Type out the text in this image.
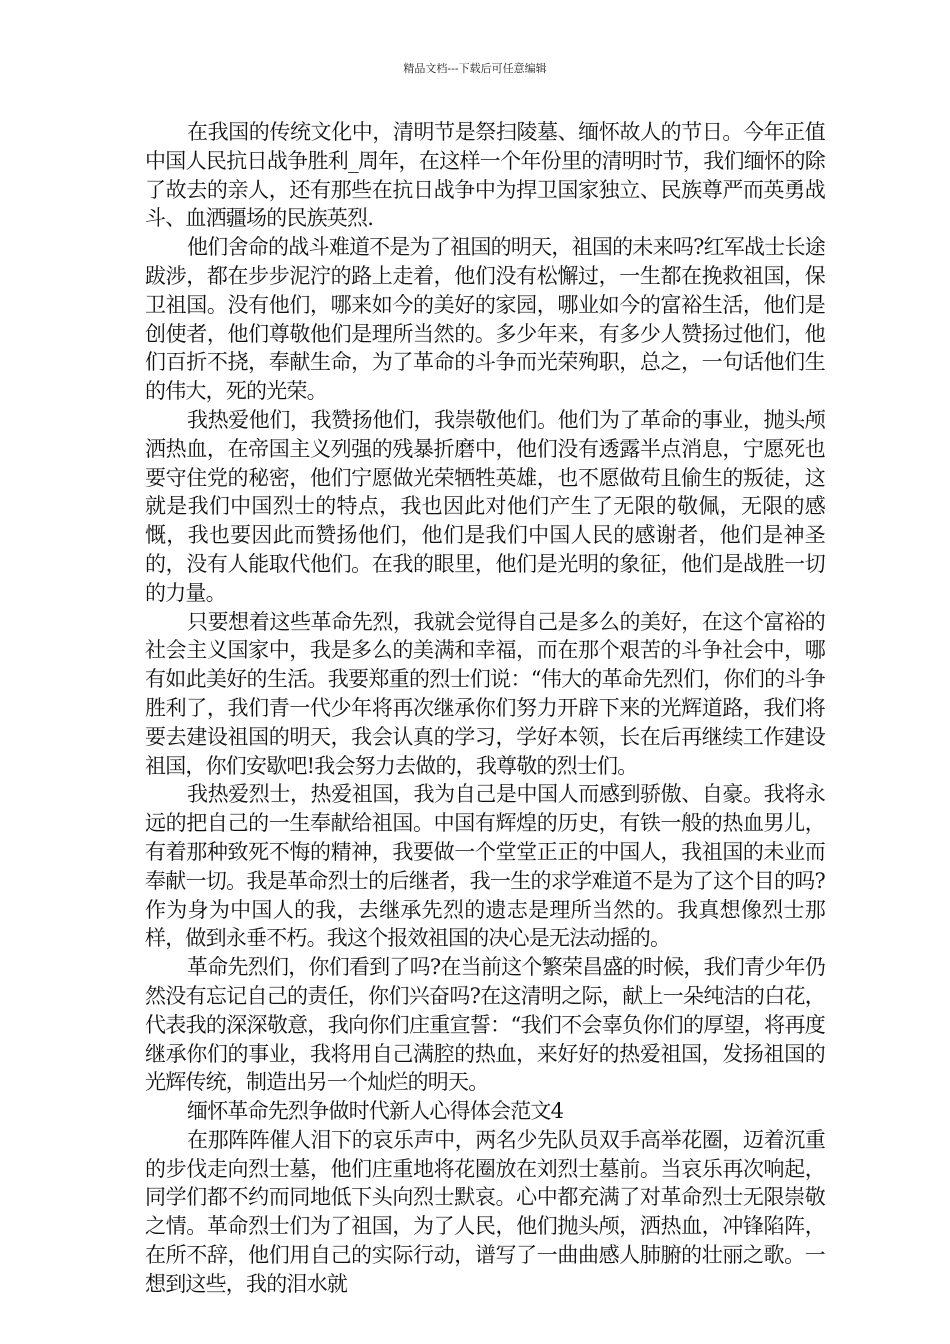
精品文档---下载后可任意编辑

在我国的传统文化中，清明节是祭扫陵墓、缅怀故人的节日。今年正值中国人民抗日战争胜利_周年，在这样一个年份里的清明时节，我们缅怀的除了故去的亲人，还有那些在抗日战争中为捍卫国家独立、民族尊严而英勇战斗、血洒疆场的民族英烈.

他们舍命的战斗难道不是为了祖国的明天，祖国的未来吗?红军战士长途跋涉，都在步步泥泞的路上走着，他们没有松懈过，一生都在挽救祖国，保卫祖国。没有他们，哪来如今的美好的家园，哪业如今的富裕生活，他们是创使者，他们尊敬他们是理所当然的。多少年来，有多少人赞扬过他们，他们百折不挠，奉献生命，为了革命的斗争而光荣殉职，总之，一句话他们生的伟大，死的光荣。

我热爱他们，我赞扬他们，我崇敬他们。他们为了革命的事业，抛头颅洒热血，在帝国主义列强的残暴折磨中，他们没有透露半点消息，宁愿死也要守住党的秘密，他们宁愿做光荣牺牲英雄，也不愿做苟且偷生的叛徒，这就是我们中国烈士的特点，我也因此对他们产生了无限的敬佩，无限的感慨，我也要因此而赞扬他们，他们是我们中国人民的感谢者，他们是神圣的，没有人能取代他们。在我的眼里，他们是光明的象征，他们是战胜一切的力量。

只要想着这些革命先烈，我就会觉得自己是多么的美好，在这个富裕的社会主义国家中，我是多么的美满和幸福，而在那个艰苦的斗争社会中，哪有如此美好的生活。我要郑重的烈士们说：“伟大的革命先烈们，你们的斗争胜利了，我们青一代少年将再次继承你们努力开辟下来的光辉道路，我们将要去建设祖国的明天，我会认真的学习，学好本领，长在后再继续工作建设祖国，你们安歇吧!我会努力去做的，我尊敬的烈士们。

我热爱烈士，热爱祖国，我为自己是中国人而感到骄傲、自豪。我将永远的把自己的一生奉献给祖国。中国有辉煌的历史，有铁一般的热血男儿，有着那种致死不悔的精神，我要做一个堂堂正正的中国人，我祖国的未业而奉献一切。我是革命烈士的后继者，我一生的求学难道不是为了这个目的吗?作为身为中国人的我，去继承先烈的遗志是理所当然的。我真想像烈士那样，做到永垂不朽。我这个报效祖国的决心是无法动摇的。

革命先烈们，你们看到了吗?在当前这个繁荣昌盛的时候，我们青少年仍然没有忘记自己的责任，你们兴奋吗?在这清明之际，献上一朵纯洁的白花，代表我的深深敬意，我向你们庄重宣誓：“我们不会辜负你们的厚望，将再度继承你们的事业，我将用自己满腔的热血，来好好的热爱祖国，发扬祖国的光辉传统，制造出另一个灿烂的明天。

缅怀革命先烈争做时代新人心得体会范文4

在那阵阵催人泪下的哀乐声中，两名少先队员双手高举花圈，迈着沉重的步伐走向烈士墓，他们庄重地将花圈放在刘烈士墓前。当哀乐再次响起，同学们都不约而同地低下头向烈士默哀。心中都充满了对革命烈士无限崇敬之情。革命烈士们为了祖国，为了人民，他们抛头颅，洒热血，冲锋陷阵，在所不辞，他们用自己的实际行动，谱写了一曲曲感人肺腑的壮丽之歌。一想到这些，我的泪水就
